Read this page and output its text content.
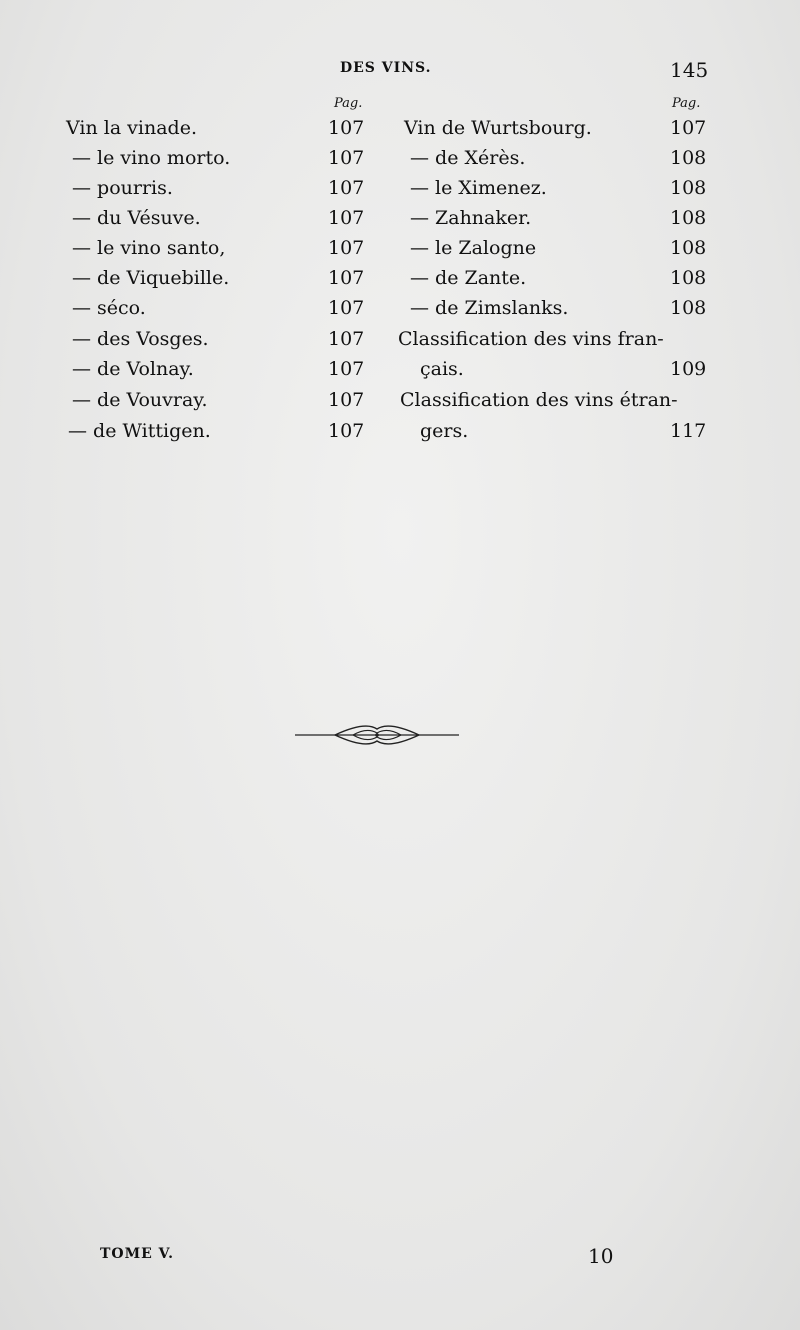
DES VINS.	145
Pag.	Pag.
Vin la vinade.	107
— le vino morto.	107
— pourris.	107
— du Vésuve.	107
— le vino santo,	107
— de Viquebille.	107
— séco.	107
— des Vosges.	107
— de Volnay.	107
— de Vouvray.	107
— de Wittigen.	107
Vin de Wurtsbourg.	107
— de Xérès.	108
— le Ximenez.	108
— Zahnaker.	108
— le Zalogne	108
— de Zante.	108
— de Zimslanks.	108
Classification des vins fran-
çais.	109
Classification des vins étran-
gers.	117
TOME V.	10
